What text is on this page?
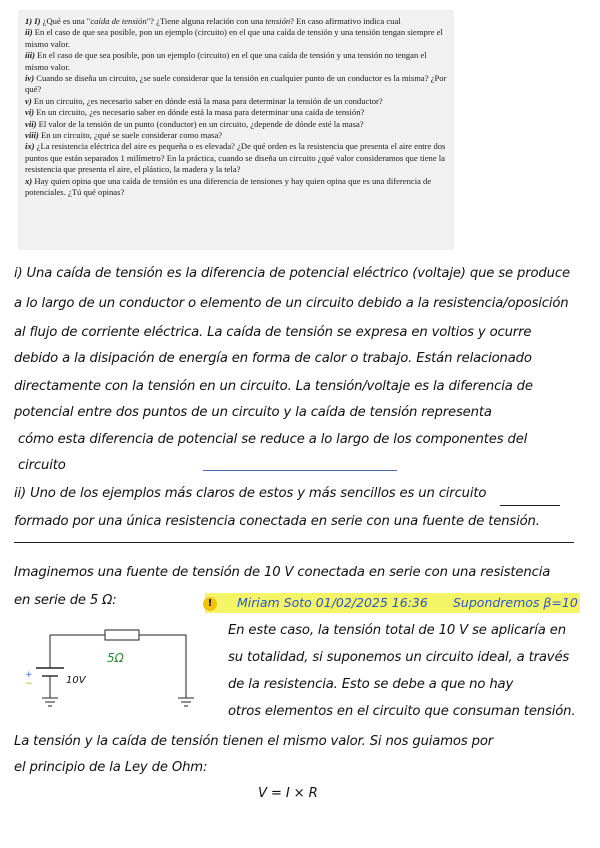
1) I) ¿Qué es una "caída de tensión"? ¿Tiene alguna relación con una tensión? En caso afirmativo indica cual

ii) En el caso de que sea posible, pon un ejemplo (circuito) en el que una caída de tensión y una tensión tengan siempre el mismo valor.

iii) En el caso de que sea posible, pon un ejemplo (circuito) en el que una caída de tensión y una tensión no tengan el mismo valor.

iv) Cuando se diseña un circuito, ¿se suele considerar que la tensión en cualquier punto de un conductor es la misma? ¿Por qué?

v) En un circuito, ¿es necesario saber en dónde está la masa para determinar la tensión de un conductor?

vi) En un circuito, ¿es necesario saber en dónde está la masa para determinar una caída de tensión?

vii) El valor de la tensión de un punto (conductor) en un circuito, ¿depende de dónde esté la masa?

viii) En un circuito, ¿qué se suele considerar como masa?

ix) ¿La resistencia eléctrica del aire es pequeña o es elevada? ¿De qué orden es la resistencia que presenta el aire entre dos puntos que están separados 1 milímetro? En la práctica, cuando se diseña un circuito ¿qué valor consideramos que tiene la resistencia que presenta el aire, el plástico, la madera y la tela?

x) Hay quien opina que una caída de tensión es una diferencia de tensiones y hay quien opina que es una diferencia de potenciales. ¿Tú qué opinas?

i) Una caída de tensión es la diferencia de potencial eléctrico (voltaje) que se produce
a lo largo de un conductor o elemento de un circuito debido a la resistencia/oposición
al flujo de corriente eléctrica. La caída de tensión se expresa en voltios y ocurre
debido a la disipación de energía en forma de calor o trabajo. Están relacionado
directamente con la tensión en un circuito. La tensión/voltaje es la diferencia de
potencial entre dos puntos de un circuito y la caída de tensión representa
cómo esta diferencia de potencial se reduce a lo largo de los componentes del
circuito
ii) Uno de los ejemplos más claros de estos y más sencillos es un circuito
formado por una única resistencia conectada en serie con una fuente de tensión.
Imaginemos una fuente de tensión de 10 V conectada en serie con una resistencia
en serie de 5 Ω:	Miriam Soto 01/02/2025 16:36 Supondremos β=10
!
5Ω
10V
+
−
En este caso, la tensión total de 10 V se aplicaría en
su totalidad, si suponemos un circuito ideal, a través
de la resistencia. Esto se debe a que no hay
otros elementos en el circuito que consuman tensión.
La tensión y la caída de tensión tienen el mismo valor. Si nos guiamos por
el principio de la Ley de Ohm:
V = I × R
